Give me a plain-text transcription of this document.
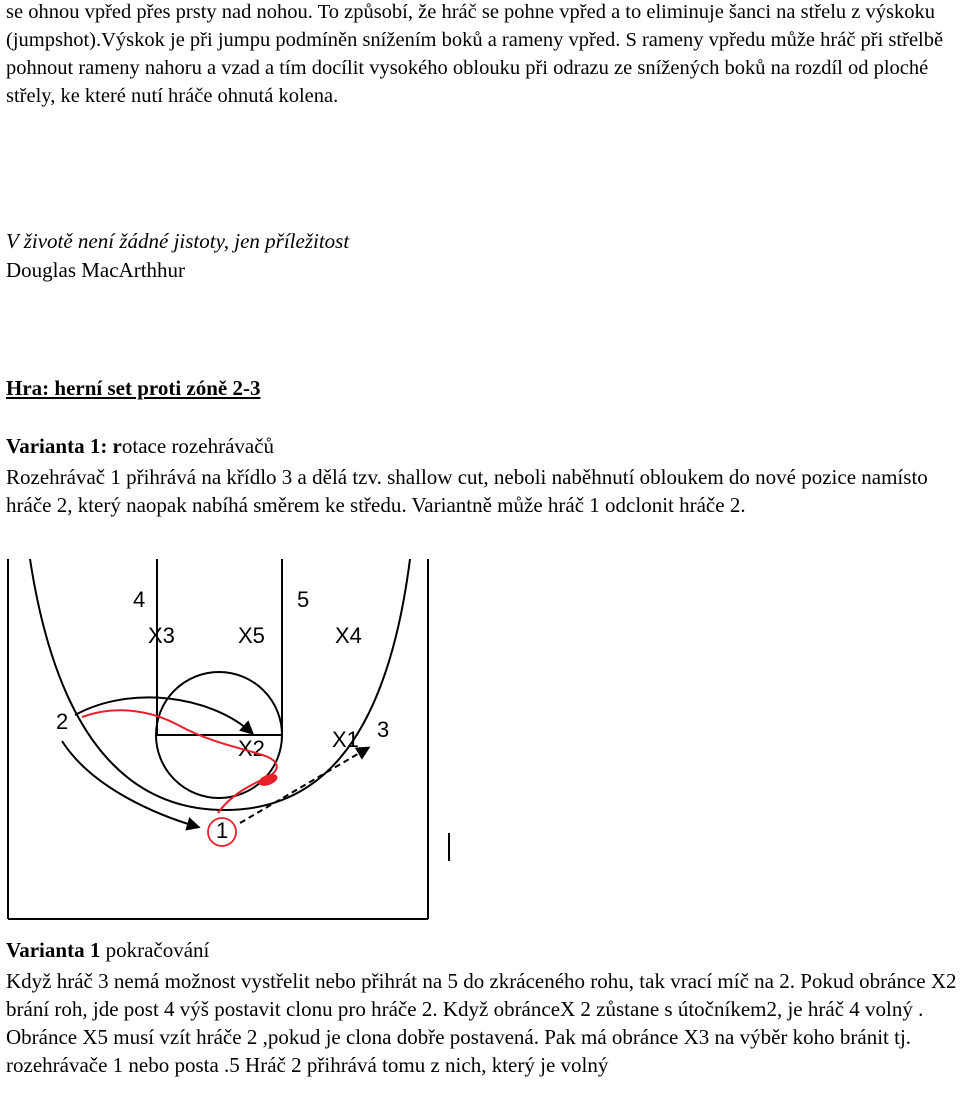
se ohnou vpřed přes prsty nad nohou. To způsobí, že hráč se pohne vpřed a to eliminuje šanci na střelu z výskoku (jumpshot).Výskok je při jumpu podmíněn snížením boků a rameny vpřed. S rameny vpředu může hráč při střelbě pohnout rameny nahoru a vzad a tím docílit vysokého oblouku při odrazu ze snížených boků na rozdíl od ploché střely, ke které nutí hráče ohnutá kolena.

V životě není žádné jistoty, jen příležitost

Douglas MacArthhur

Hra: herní set proti zóně 2-3

Varianta 1: rotace rozehrávačů

Rozehrávač 1 přihrává na křídlo 3 a dělá tzv. shallow cut, neboli naběhnutí obloukem do nové pozice namísto hráče 2, který naopak nabíhá směrem ke středu. Variantně může hráč 1 odclonit hráče 2.

4	5
X3	X5	X4
2
X2	X1 3
1

Varianta 1 pokračování

Když hráč 3 nemá možnost vystřelit nebo přihrát na 5 do zkráceného rohu, tak vrací míč na 2. Pokud obránce X2 brání roh, jde post 4 výš postavit clonu pro hráče 2. Když obránceX 2 zůstane s útočníkem2, je hráč 4 volný . Obránce X5 musí vzít hráče 2 ,pokud je clona dobře postavená. Pak má obránce X3 na výběr koho bránit tj. rozehrávače 1 nebo posta .5 Hráč 2 přihrává tomu z nich, který je volný
